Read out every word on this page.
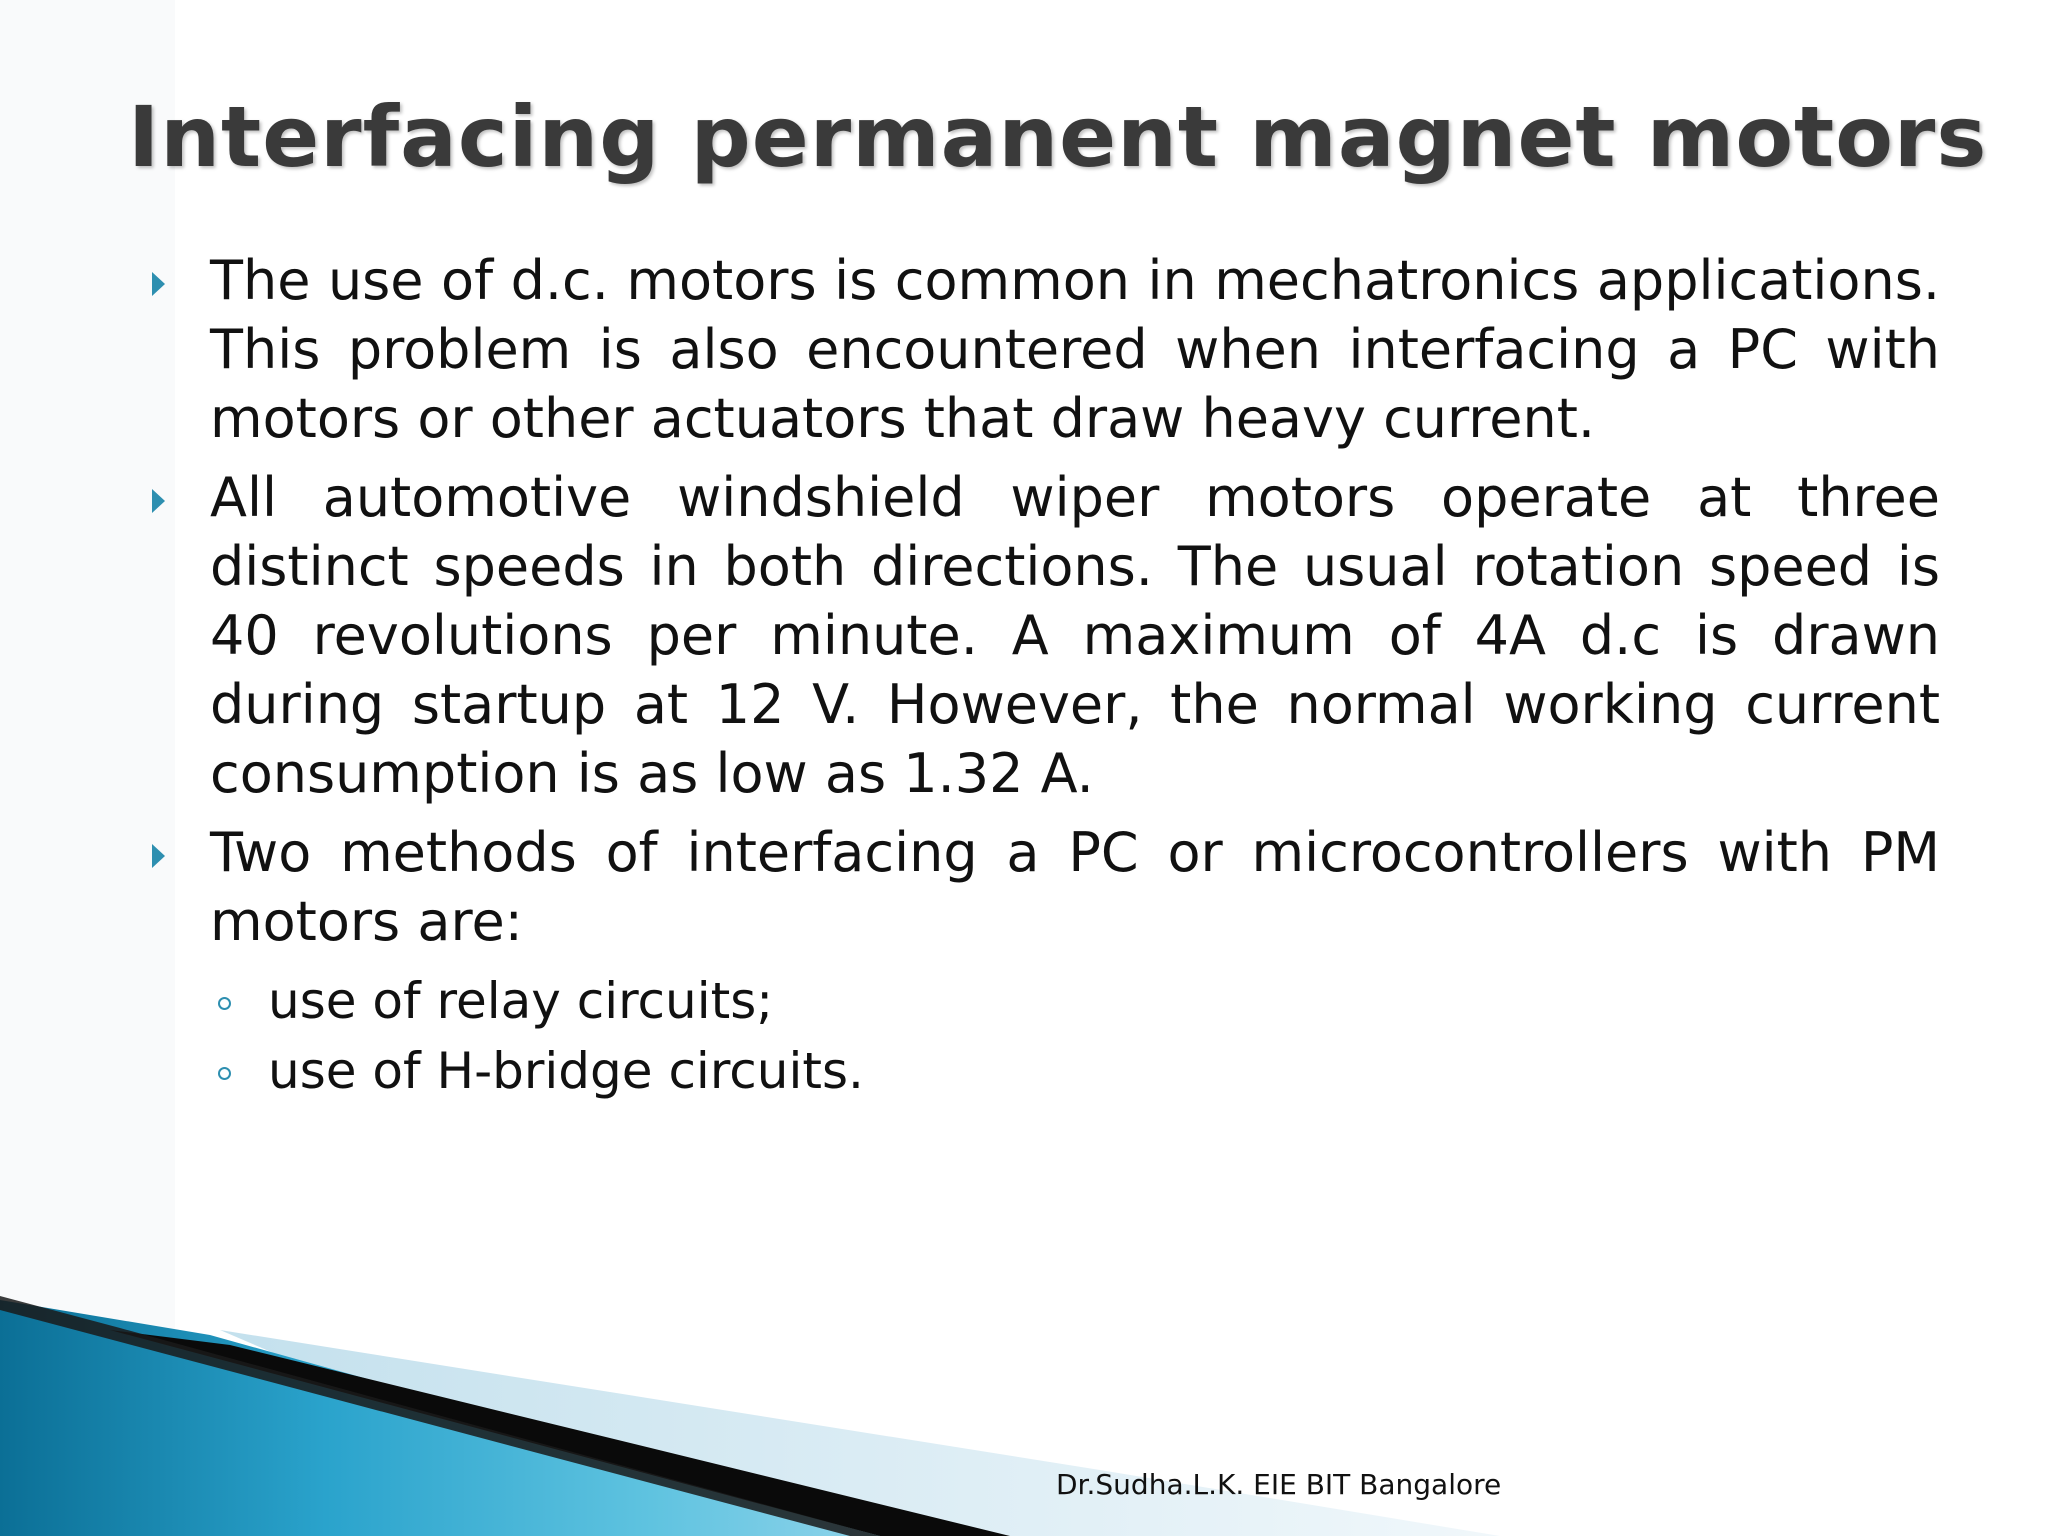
Interfacing permanent magnet motors
The use of d.c. motors is common in mechatronics applications. This problem is also encountered when interfacing a PC with motors or other actuators that draw heavy current.
All automotive windshield wiper motors operate at three distinct speeds in both directions. The usual rotation speed is 40 revolutions per minute. A maximum of 4A d.c is drawn during startup at 12 V. However, the normal working current consumption is as low as 1.32 A.
Two methods of interfacing a PC or microcontrollers with PM motors are:
use of relay circuits;
use of H-bridge circuits.
Dr.Sudha.L.K. EIE BIT Bangalore
